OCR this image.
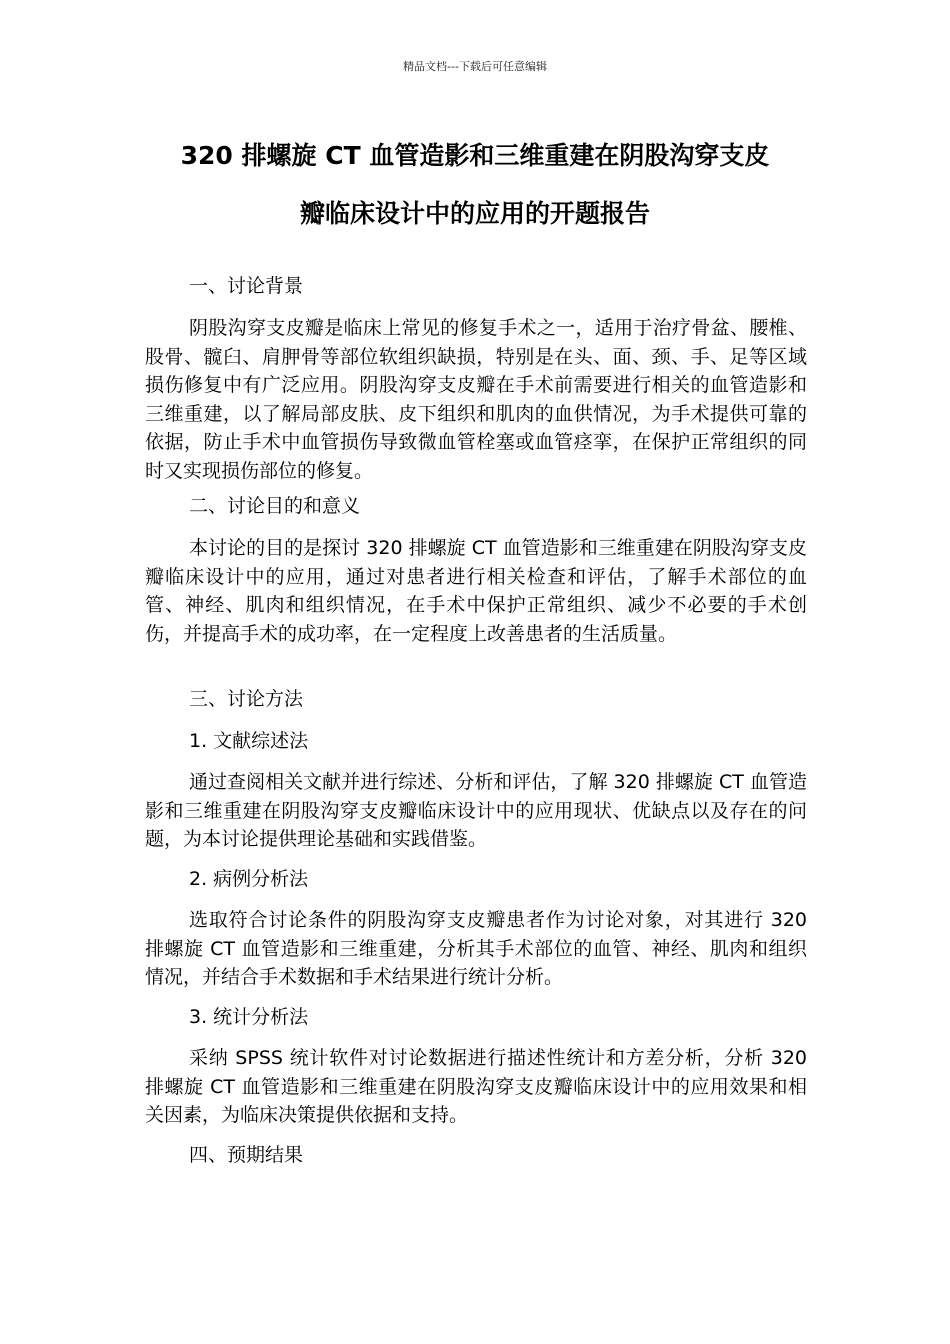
精品文档---下载后可任意编辑
320 排螺旋 CT 血管造影和三维重建在阴股沟穿支皮
瓣临床设计中的应用的开题报告
一、讨论背景

阴股沟穿支皮瓣是临床上常见的修复手术之一，适用于治疗骨盆、腰椎、股骨、髋臼、肩胛骨等部位软组织缺损，特别是在头、面、颈、手、足等区域损伤修复中有广泛应用。阴股沟穿支皮瓣在手术前需要进行相关的血管造影和三维重建，以了解局部皮肤、皮下组织和肌肉的血供情况，为手术提供可靠的依据，防止手术中血管损伤导致微血管栓塞或血管痉挛，在保护正常组织的同时又实现损伤部位的修复。

二、讨论目的和意义

本讨论的目的是探讨 320 排螺旋 CT 血管造影和三维重建在阴股沟穿支皮瓣临床设计中的应用，通过对患者进行相关检查和评估，了解手术部位的血管、神经、肌肉和组织情况，在手术中保护正常组织、减少不必要的手术创伤，并提高手术的成功率，在一定程度上改善患者的生活质量。

三、讨论方法
1. 文献综述法

通过查阅相关文献并进行综述、分析和评估，了解 320 排螺旋 CT 血管造影和三维重建在阴股沟穿支皮瓣临床设计中的应用现状、优缺点以及存在的问题，为本讨论提供理论基础和实践借鉴。

2. 病例分析法

选取符合讨论条件的阴股沟穿支皮瓣患者作为讨论对象，对其进行 320 排螺旋 CT 血管造影和三维重建，分析其手术部位的血管、神经、肌肉和组织情况，并结合手术数据和手术结果进行统计分析。

3. 统计分析法

采纳 SPSS 统计软件对讨论数据进行描述性统计和方差分析，分析 320 排螺旋 CT 血管造影和三维重建在阴股沟穿支皮瓣临床设计中的应用效果和相关因素，为临床决策提供依据和支持。

四、预期结果
